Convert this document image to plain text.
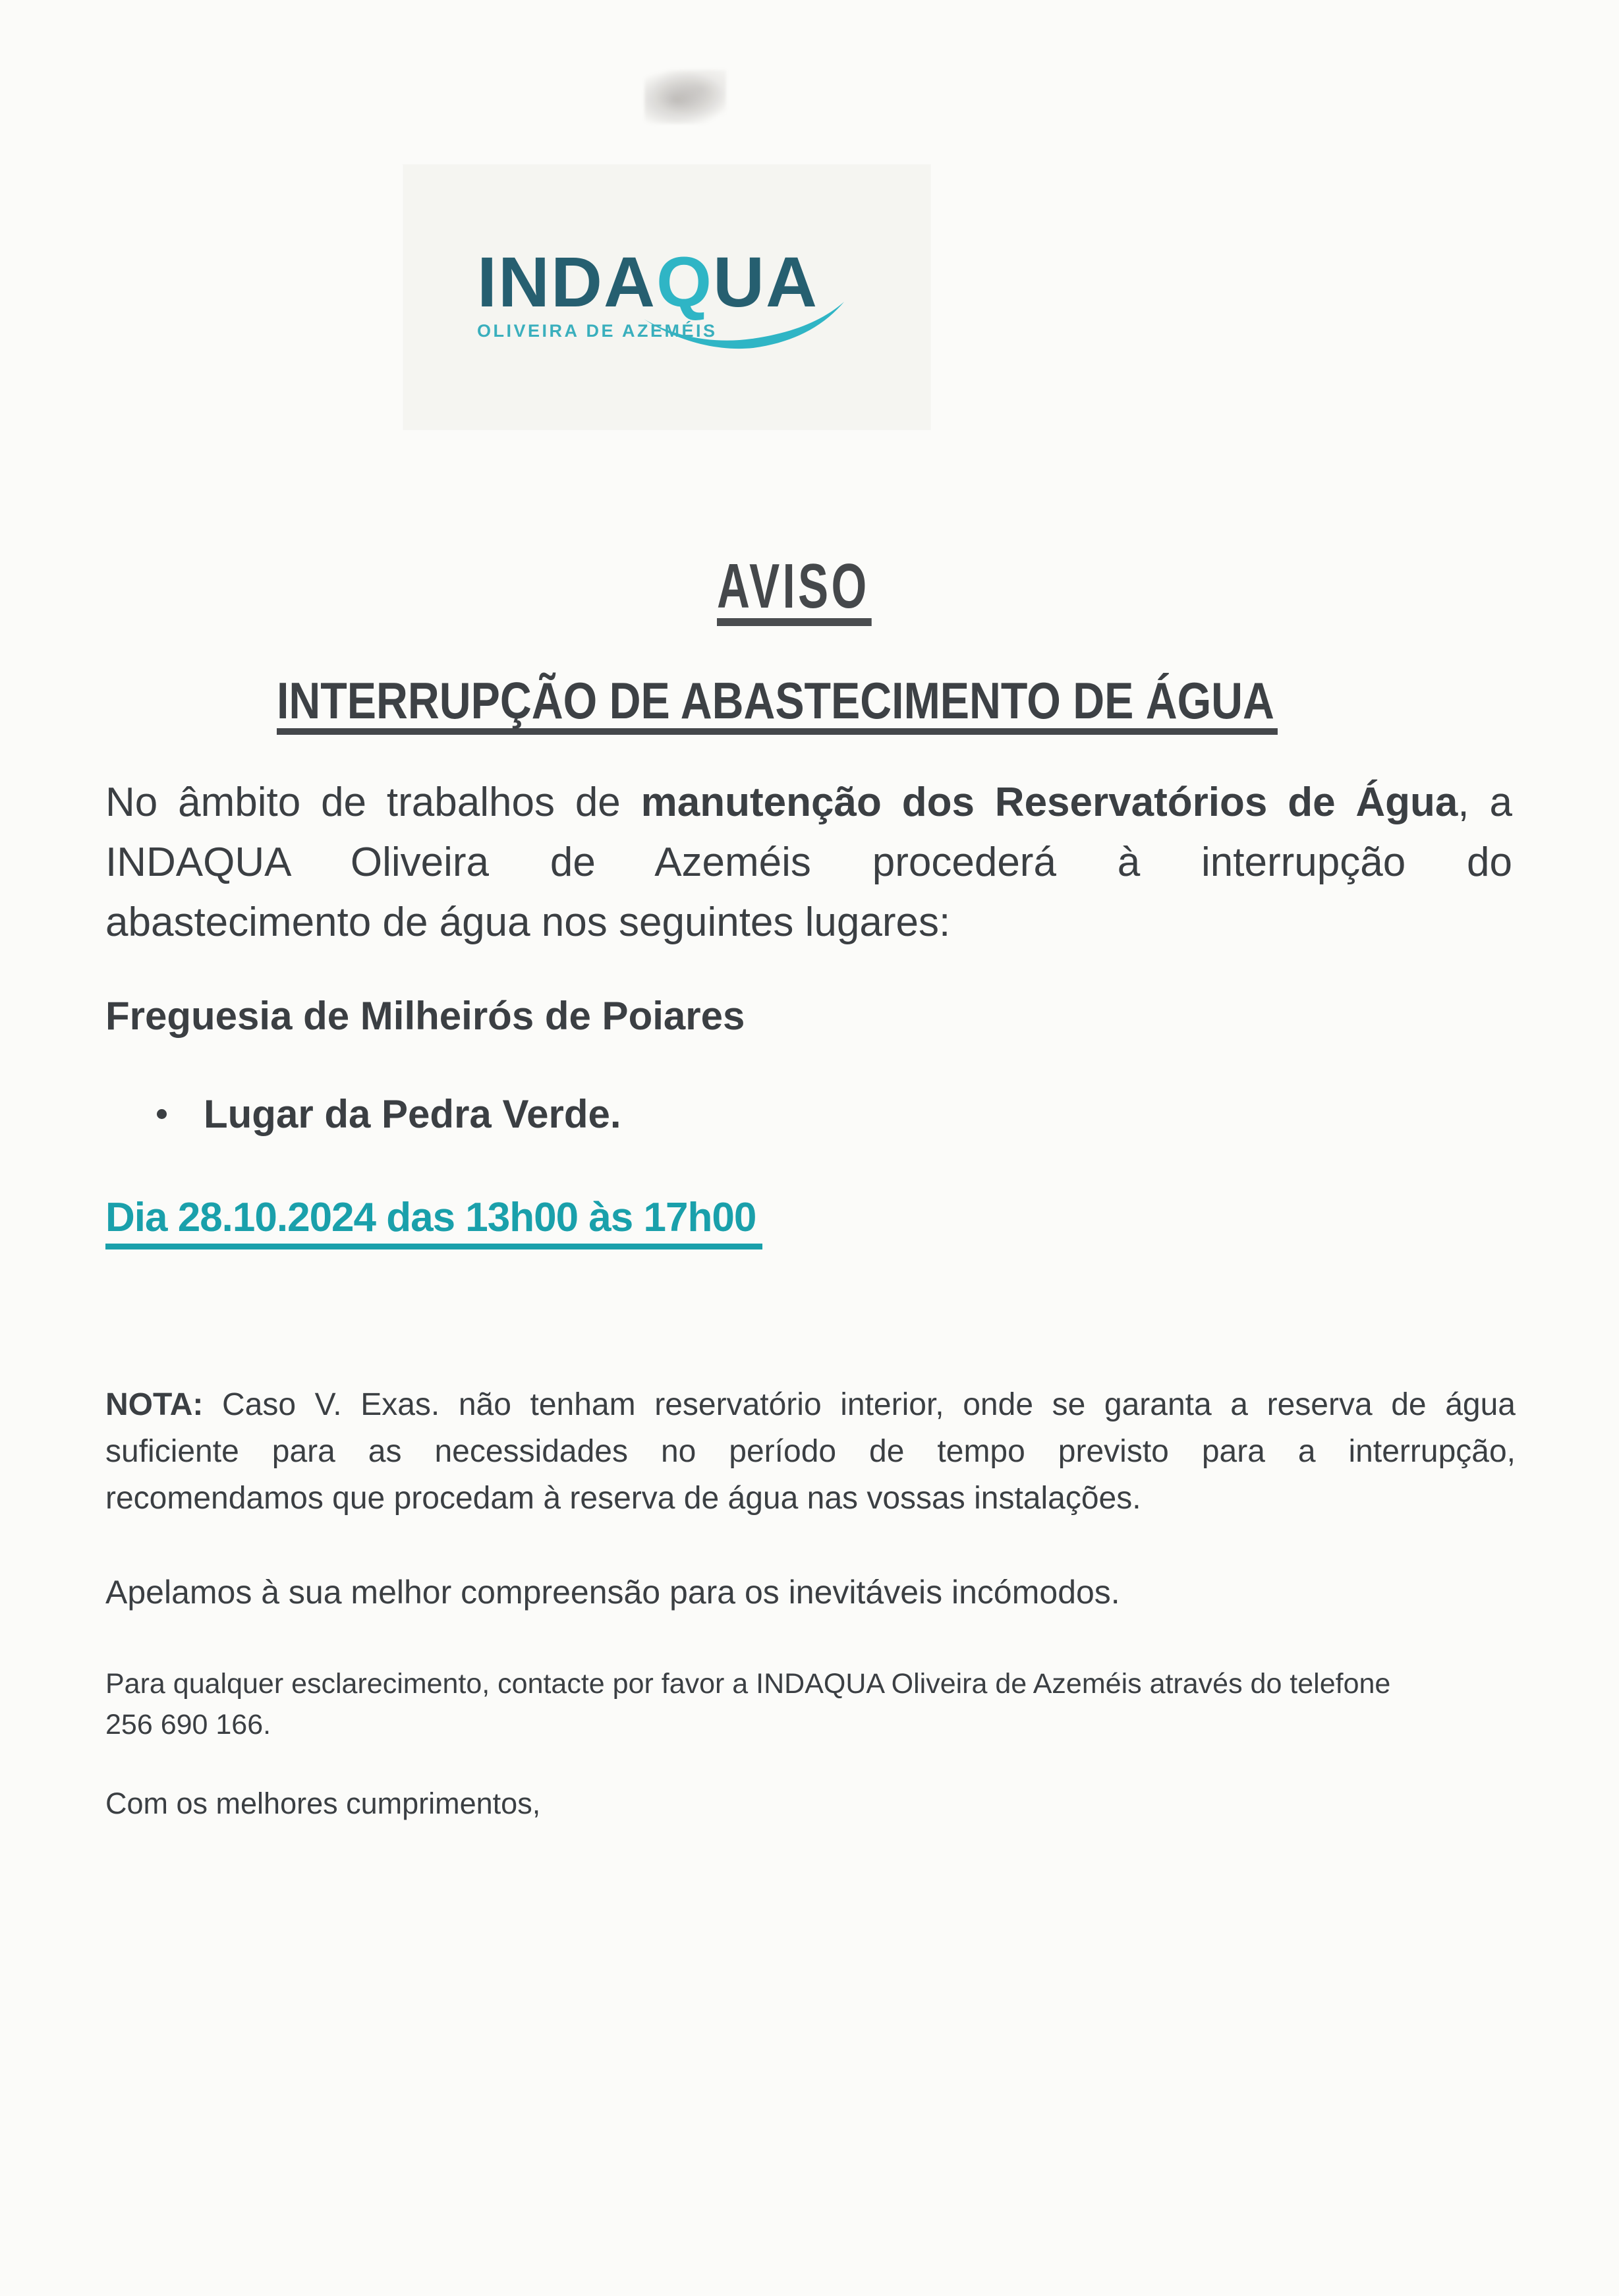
INDAQUA
OLIVEIRA DE AZEMÉIS
AVISO
INTERRUPÇÃO DE ABASTECIMENTO DE ÁGUA
No âmbito de trabalhos de manutenção dos Reservatórios de Água, a
INDAQUA Oliveira de Azeméis procederá à interrupção do
abastecimento de água nos seguintes lugares:
Freguesia de Milheirós de Poiares
Lugar da Pedra Verde.
Dia 28.10.2024 das 13h00 às 17h00
NOTA: Caso V. Exas. não tenham reservatório interior, onde se garanta a reserva de água
suficiente para as necessidades no período de tempo previsto para a interrupção,
recomendamos que procedam à reserva de água nas vossas instalações.
Apelamos à sua melhor compreensão para os inevitáveis incómodos.
Para qualquer esclarecimento, contacte por favor a INDAQUA Oliveira de Azeméis através do telefone
256 690 166.
Com os melhores cumprimentos,
